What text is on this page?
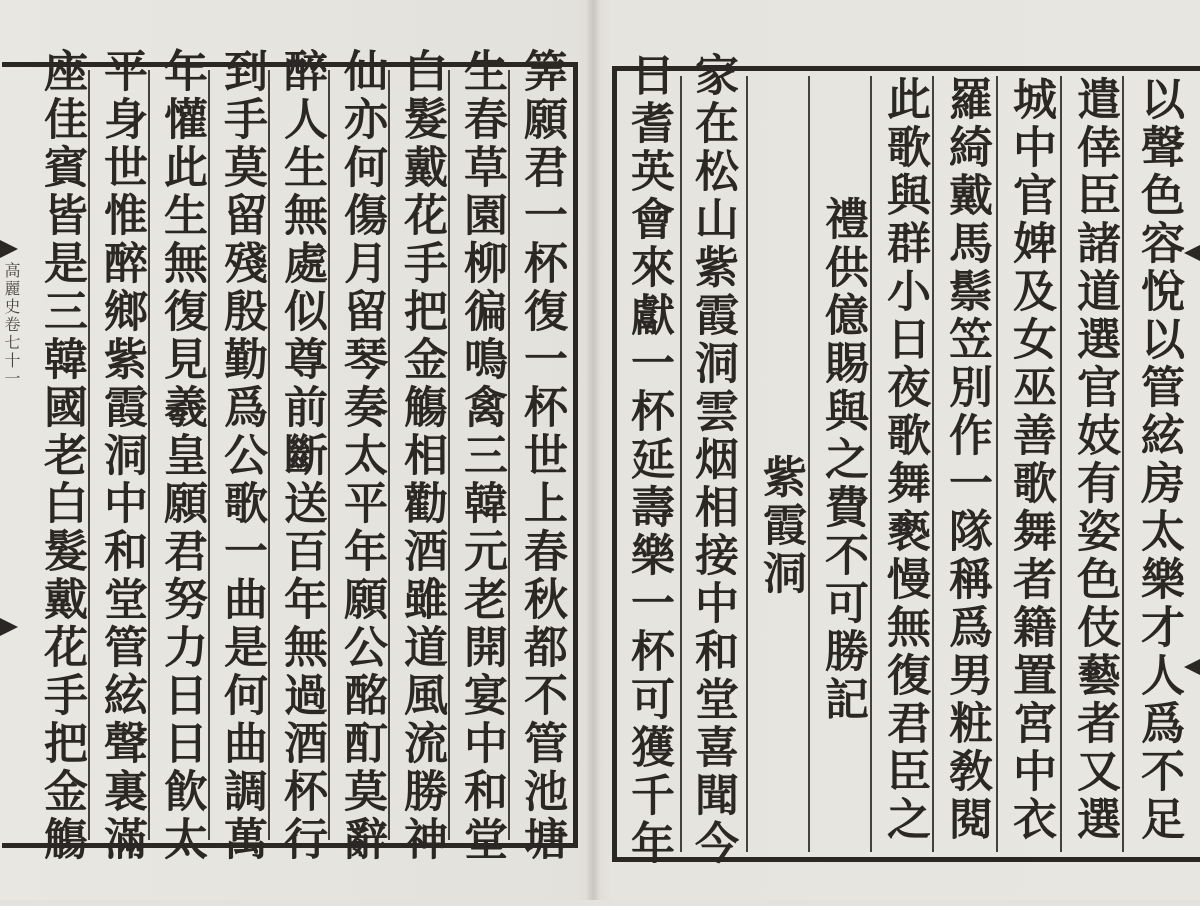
筭願君一杯復一杯世上春秋都不管池塘
生春草園柳徧鳴禽三韓元老開宴中和堂
白髮戴花手把金觴相勸酒雖道風流勝神
仙亦何傷月留琴奏太平年願公酩酊莫辭
醉人生無處似尊前斷送百年無過酒杯行
到手莫留殘殷勤爲公歌一曲是何曲調萬
年懽此生無復見羲皇願君努力日日飮太
平身世惟醉鄉紫霞洞中和堂管絃聲裏滿
座佳賓皆是三韓國老白髮戴花手把金觴
高麗史卷七十一	以聲色容悅以管絃房太樂才人爲不足
遣倖臣諸道選官妓有姿色伎藝者又選
城中官婢及女巫善歌舞者籍置宮中衣
羅綺戴馬鬃笠別作一隊稱爲男粧敎閱
此歌與群小日夜歌舞褻慢無復君臣之
禮供億賜與之費不可勝記
紫霞洞
家在松山紫霞洞雲烟相接中和堂喜聞今
日耆英會來獻一杯延壽樂一杯可獲千年
